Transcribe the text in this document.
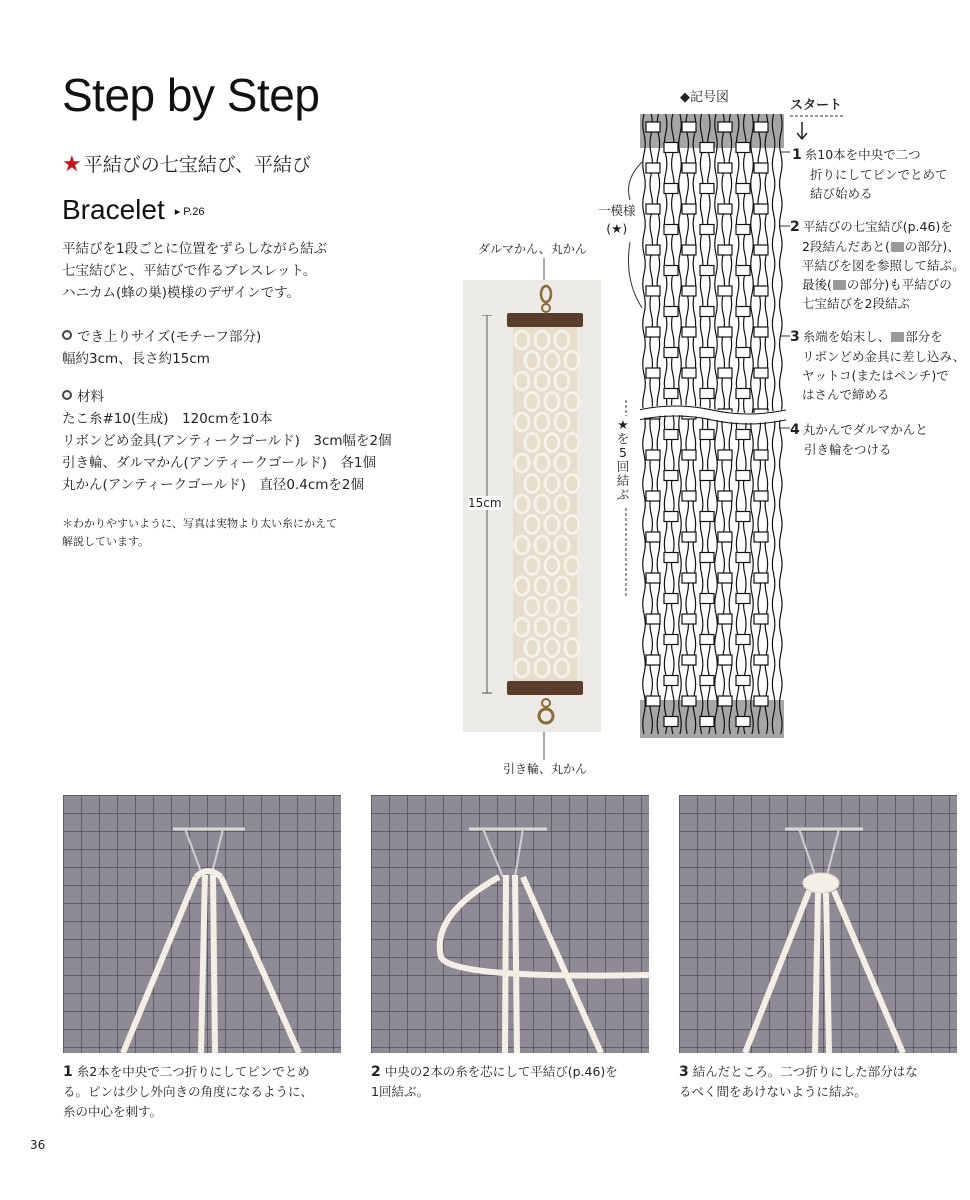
Step by Step
★ 平結びの七宝結び、平結び
Bracelet ▸ P.26
平結びを1段ごとに位置をずらしながら結ぶ
七宝結びと、平結びで作るブレスレット。
ハニカム(蜂の巣)模様のデザインです。
でき上りサイズ(モチーフ部分)
幅約3cm、長さ約15cm
材料
たこ糸#10(生成)　120cmを10本
リボンどめ金具(アンティークゴールド)　3cm幅を2個
引き輪、ダルマかん(アンティークゴールド)　各1個
丸かん(アンティークゴールド)　直径0.4cmを2個
＊わかりやすいように、写真は実物より太い糸にかえて
解説しています。
ダルマかん、丸かん
15cm
引き輪、丸かん
◆記号図
スタート
一模様
(★)
★
を
5
回
結
ぶ
1 糸10本を中央で二つ
折りにしてピンでとめて
結び始める
2 平結びの七宝結び(p.46)を
2段結んだあと( の部分)、
平結びを図を参照して結ぶ。
最後( の部分)も平結びの
七宝結びを2段結ぶ
3 糸端を始末し、 部分を
リボンどめ金具に差し込み、
ヤットコ(またはペンチ)で
はさんで締める
4 丸かんでダルマかんと
引き輪をつける
1 糸2本を中央で二つ折りにしてピンでとめ
る。ピンは少し外向きの角度になるように、
糸の中心を刺す。
2 中央の2本の糸を芯にして平結び(p.46)を
1回結ぶ。
3 結んだところ。二つ折りにした部分はな
るべく間をあけないように結ぶ。
36
